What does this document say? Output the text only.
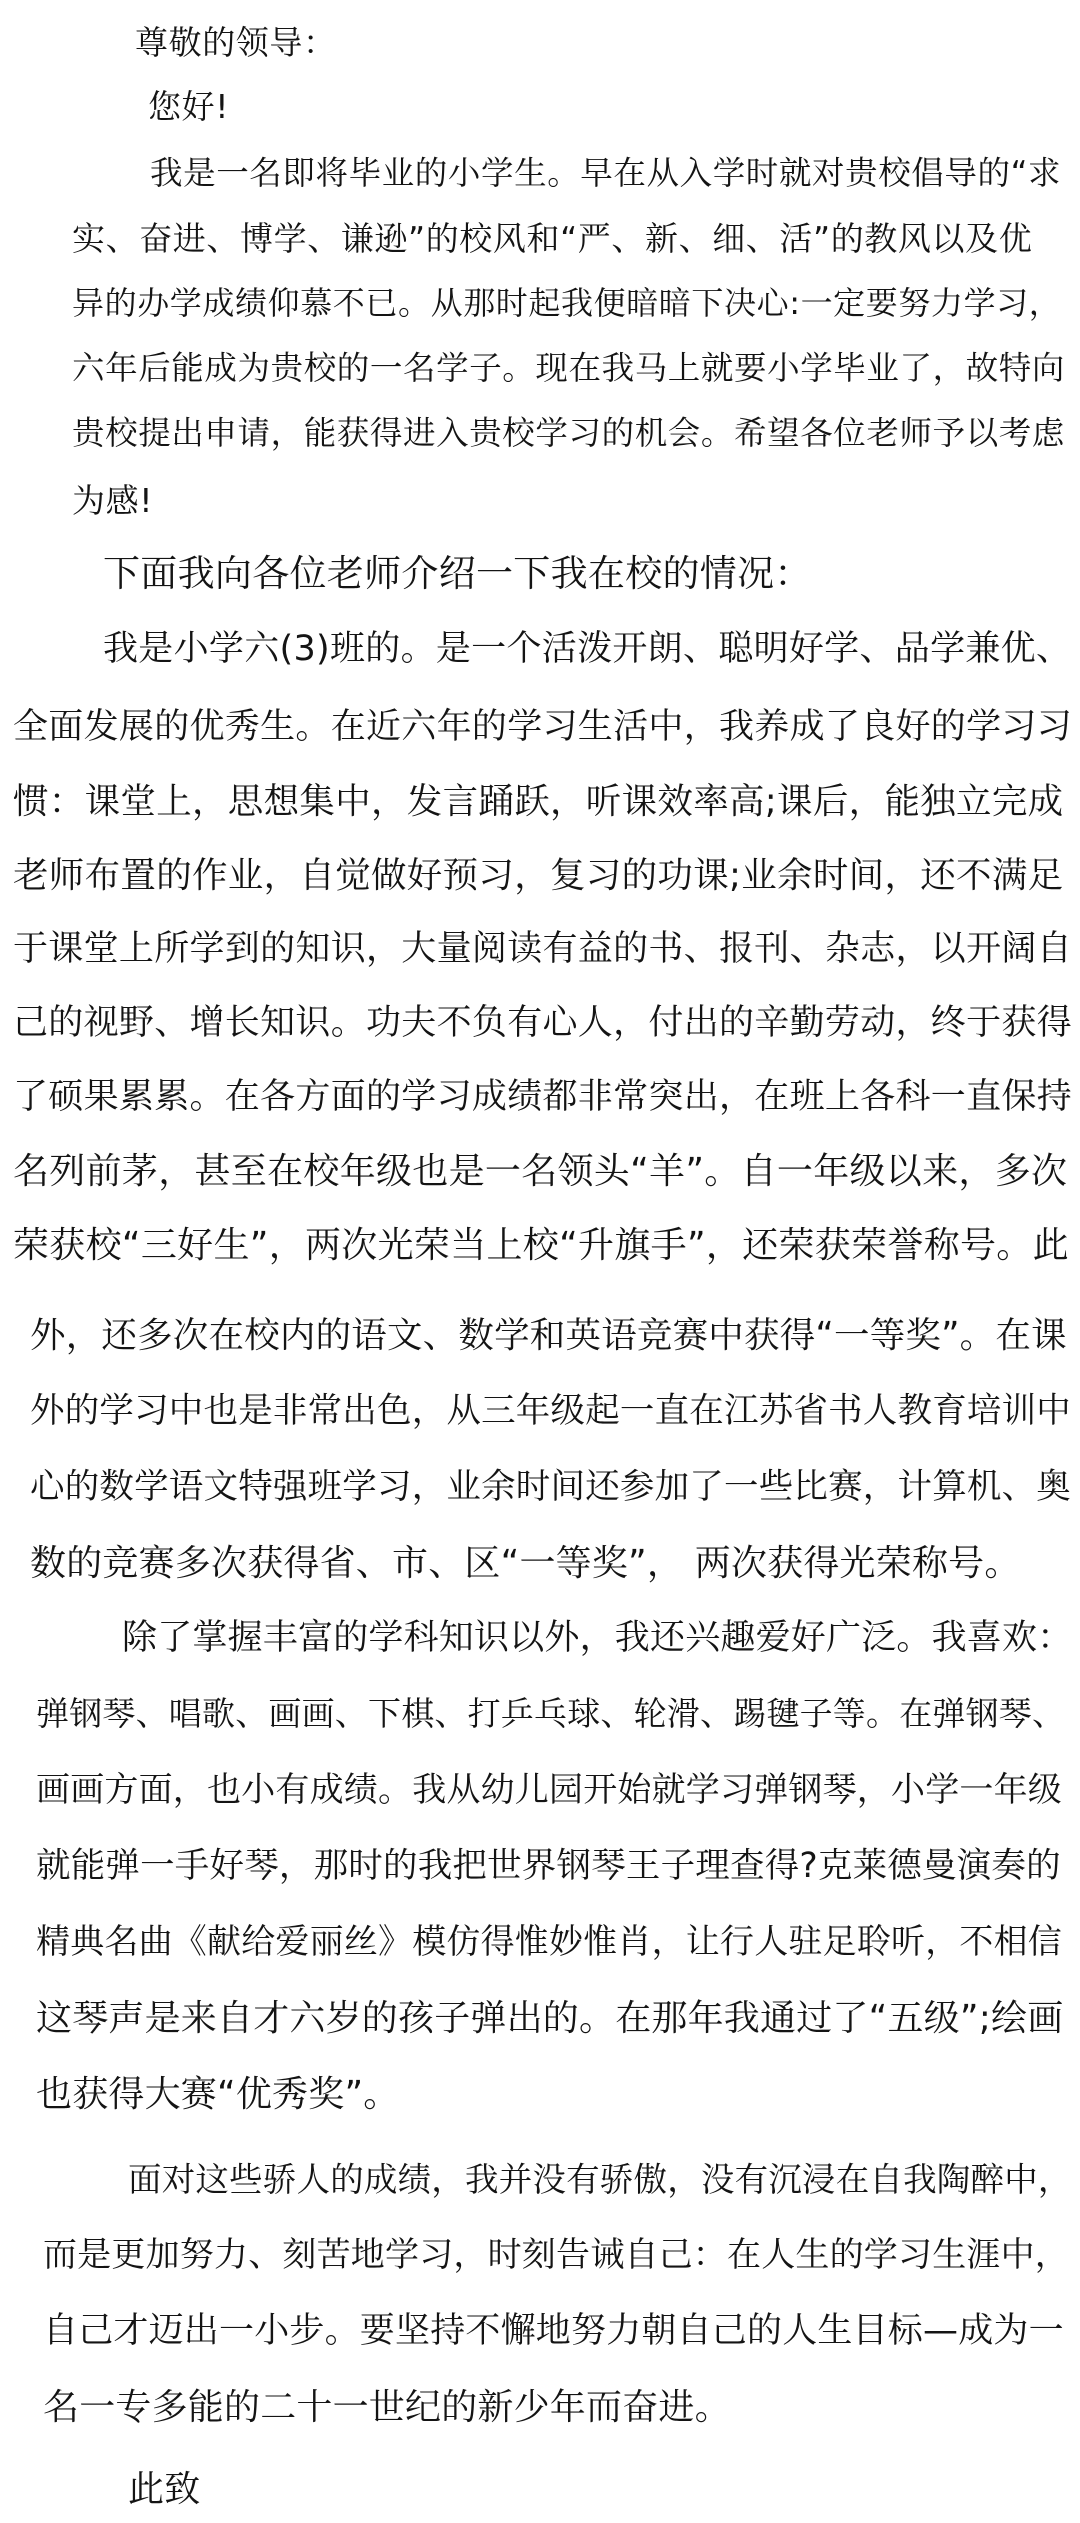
尊敬的领导：

您好!

我是一名即将毕业的小学生。早在从入学时就对贵校倡导的“求

实、奋进、博学、谦逊”的校风和“严、新、细、活”的教风以及优

异的办学成绩仰慕不已。从那时起我便暗暗下决心:一定要努力学习，

六年后能成为贵校的一名学子。现在我马上就要小学毕业了，故特向

贵校提出申请，能获得进入贵校学习的机会。希望各位老师予以考虑

为感!

下面我向各位老师介绍一下我在校的情况：

我是小学六(3)班的。是一个活泼开朗、聪明好学、品学兼优、

全面发展的优秀生。在近六年的学习生活中，我养成了良好的学习习

惯：课堂上，思想集中，发言踊跃，听课效率高;课后，能独立完成

老师布置的作业，自觉做好预习，复习的功课;业余时间，还不满足

于课堂上所学到的知识，大量阅读有益的书、报刊、杂志，以开阔自

己的视野、增长知识。功夫不负有心人，付出的辛勤劳动，终于获得

了硕果累累。在各方面的学习成绩都非常突出，在班上各科一直保持

名列前茅，甚至在校年级也是一名领头“羊”。自一年级以来，多次

荣获校“三好生”，两次光荣当上校“升旗手”，还荣获荣誉称号。此

外，还多次在校内的语文、数学和英语竞赛中获得“一等奖”。在课

外的学习中也是非常出色，从三年级起一直在江苏省书人教育培训中

心的数学语文特强班学习，业余时间还参加了一些比赛，计算机、奥

数的竞赛多次获得省、市、区“一等奖”， 两次获得光荣称号。

除了掌握丰富的学科知识以外，我还兴趣爱好广泛。我喜欢：

弹钢琴、唱歌、画画、下棋、打乒乓球、轮滑、踢毽子等。在弹钢琴、

画画方面，也小有成绩。我从幼儿园开始就学习弹钢琴，小学一年级

就能弹一手好琴，那时的我把世界钢琴王子理查得?克莱德曼演奏的

精典名曲《献给爱丽丝》模仿得惟妙惟肖，让行人驻足聆听，不相信

这琴声是来自才六岁的孩子弹出的。在那年我通过了“五级”;绘画

也获得大赛“优秀奖”。

面对这些骄人的成绩，我并没有骄傲，没有沉浸在自我陶醉中，

而是更加努力、刻苦地学习，时刻告诫自己：在人生的学习生涯中，

自己才迈出一小步。要坚持不懈地努力朝自己的人生目标—成为一

名一专多能的二十一世纪的新少年而奋进。

此致
